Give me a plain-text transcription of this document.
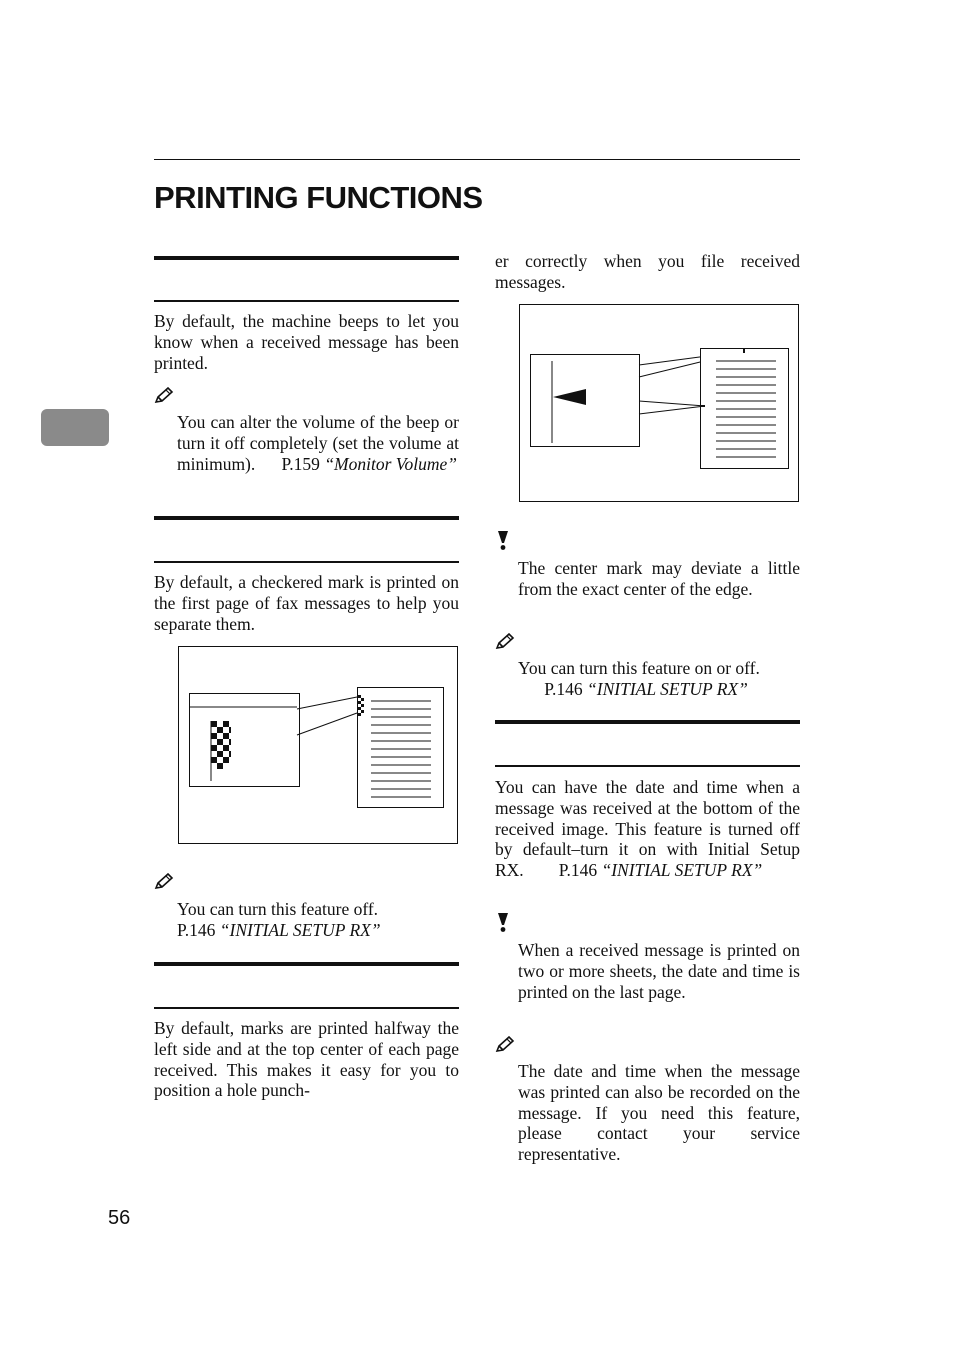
PRINTING FUNCTIONS

By default, the machine beeps to let you know when a received message has been printed.

You can alter the volume of the beep or turn it off completely (set the volume at minimum). P.159 “Monitor Volume”

By default, a checkered mark is printed on the first page of fax messages to help you separate them.

You can turn this feature off.
P.146 “INITIAL SETUP RX”

By default, marks are printed halfway the left side and at the top center of each page received. This makes it easy for you to position a hole punch-

er correctly when you file received messages.

The center mark may deviate a little from the exact center of the edge.

You can turn this feature on or off.
P.146 “INITIAL SETUP RX”

You can have the date and time when a message was received at the bottom of the received image. This feature is turned off by default–turn it on with Initial Setup RX. P.146 “INITIAL SETUP RX”

When a received message is printed on two or more sheets, the date and time is printed on the last page.

The date and time when the message was printed can also be recorded on the message. If you need this feature, please contact your service representative.

56
